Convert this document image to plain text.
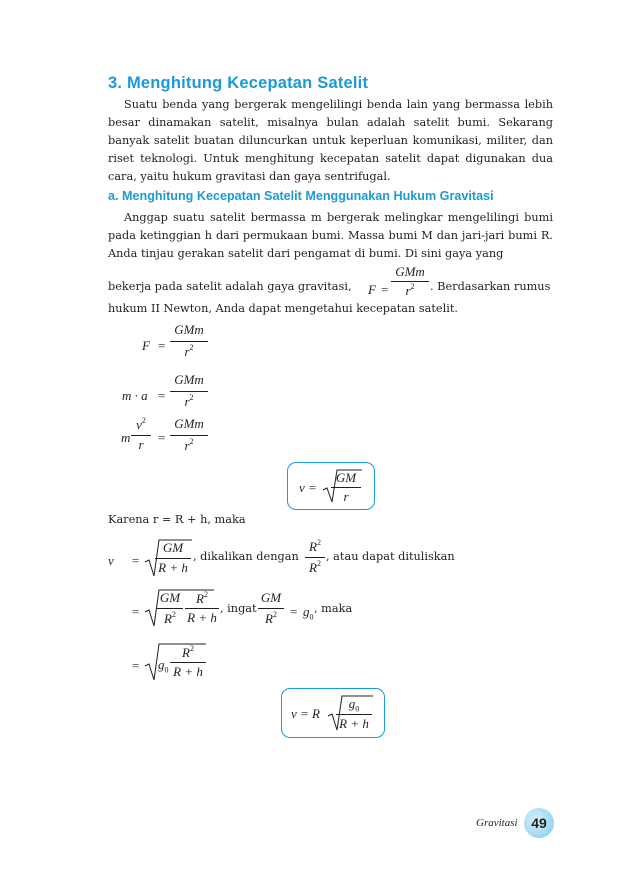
3. Menghitung Kecepatan Satelit

Suatu benda yang bergerak mengelilingi benda lain yang bermassa lebih besar dinamakan satelit, misalnya bulan adalah satelit bumi. Sekarang banyak satelit buatan diluncurkan untuk keperluan komunikasi, militer, dan riset teknologi. Untuk menghitung kecepatan satelit dapat digunakan dua cara, yaitu hukum gravitasi dan gaya sentrifugal.

a. Menghitung Kecepatan Satelit Menggunakan Hukum Gravitasi

Anggap suatu satelit bermassa m bergerak melingkar mengelilingi bumi pada ketinggian h dari permukaan bumi. Massa bumi M dan jari-jari bumi R. Anda tinjau gerakan satelit dari pengamat di bumi. Di sini gaya yang

bekerja pada satelit adalah gaya gravitasi, F =
GMm
$r^2$	. Berdasarkan rumus
hukum II Newton, Anda dapat mengetahui kecepatan satelit.
F =
GMm
$r^2$
m · a =
GMm
$r^2$
m
$v^2$
r	=
GMm
$r^2$
v =
GM
r
Karena r = R + h, maka
v =
GM
R + h
, dikalikan dengan
$R^2$
$R^2$
, atau dapat dituliskan
=
GM
$R^2$
$R^2$
R + h
, ingat
GM
$R^2$	= $g_0$
, maka
= $g_0$
$R^2$
R + h
v = R
$g_0$
R + h
Gravitasi 49
